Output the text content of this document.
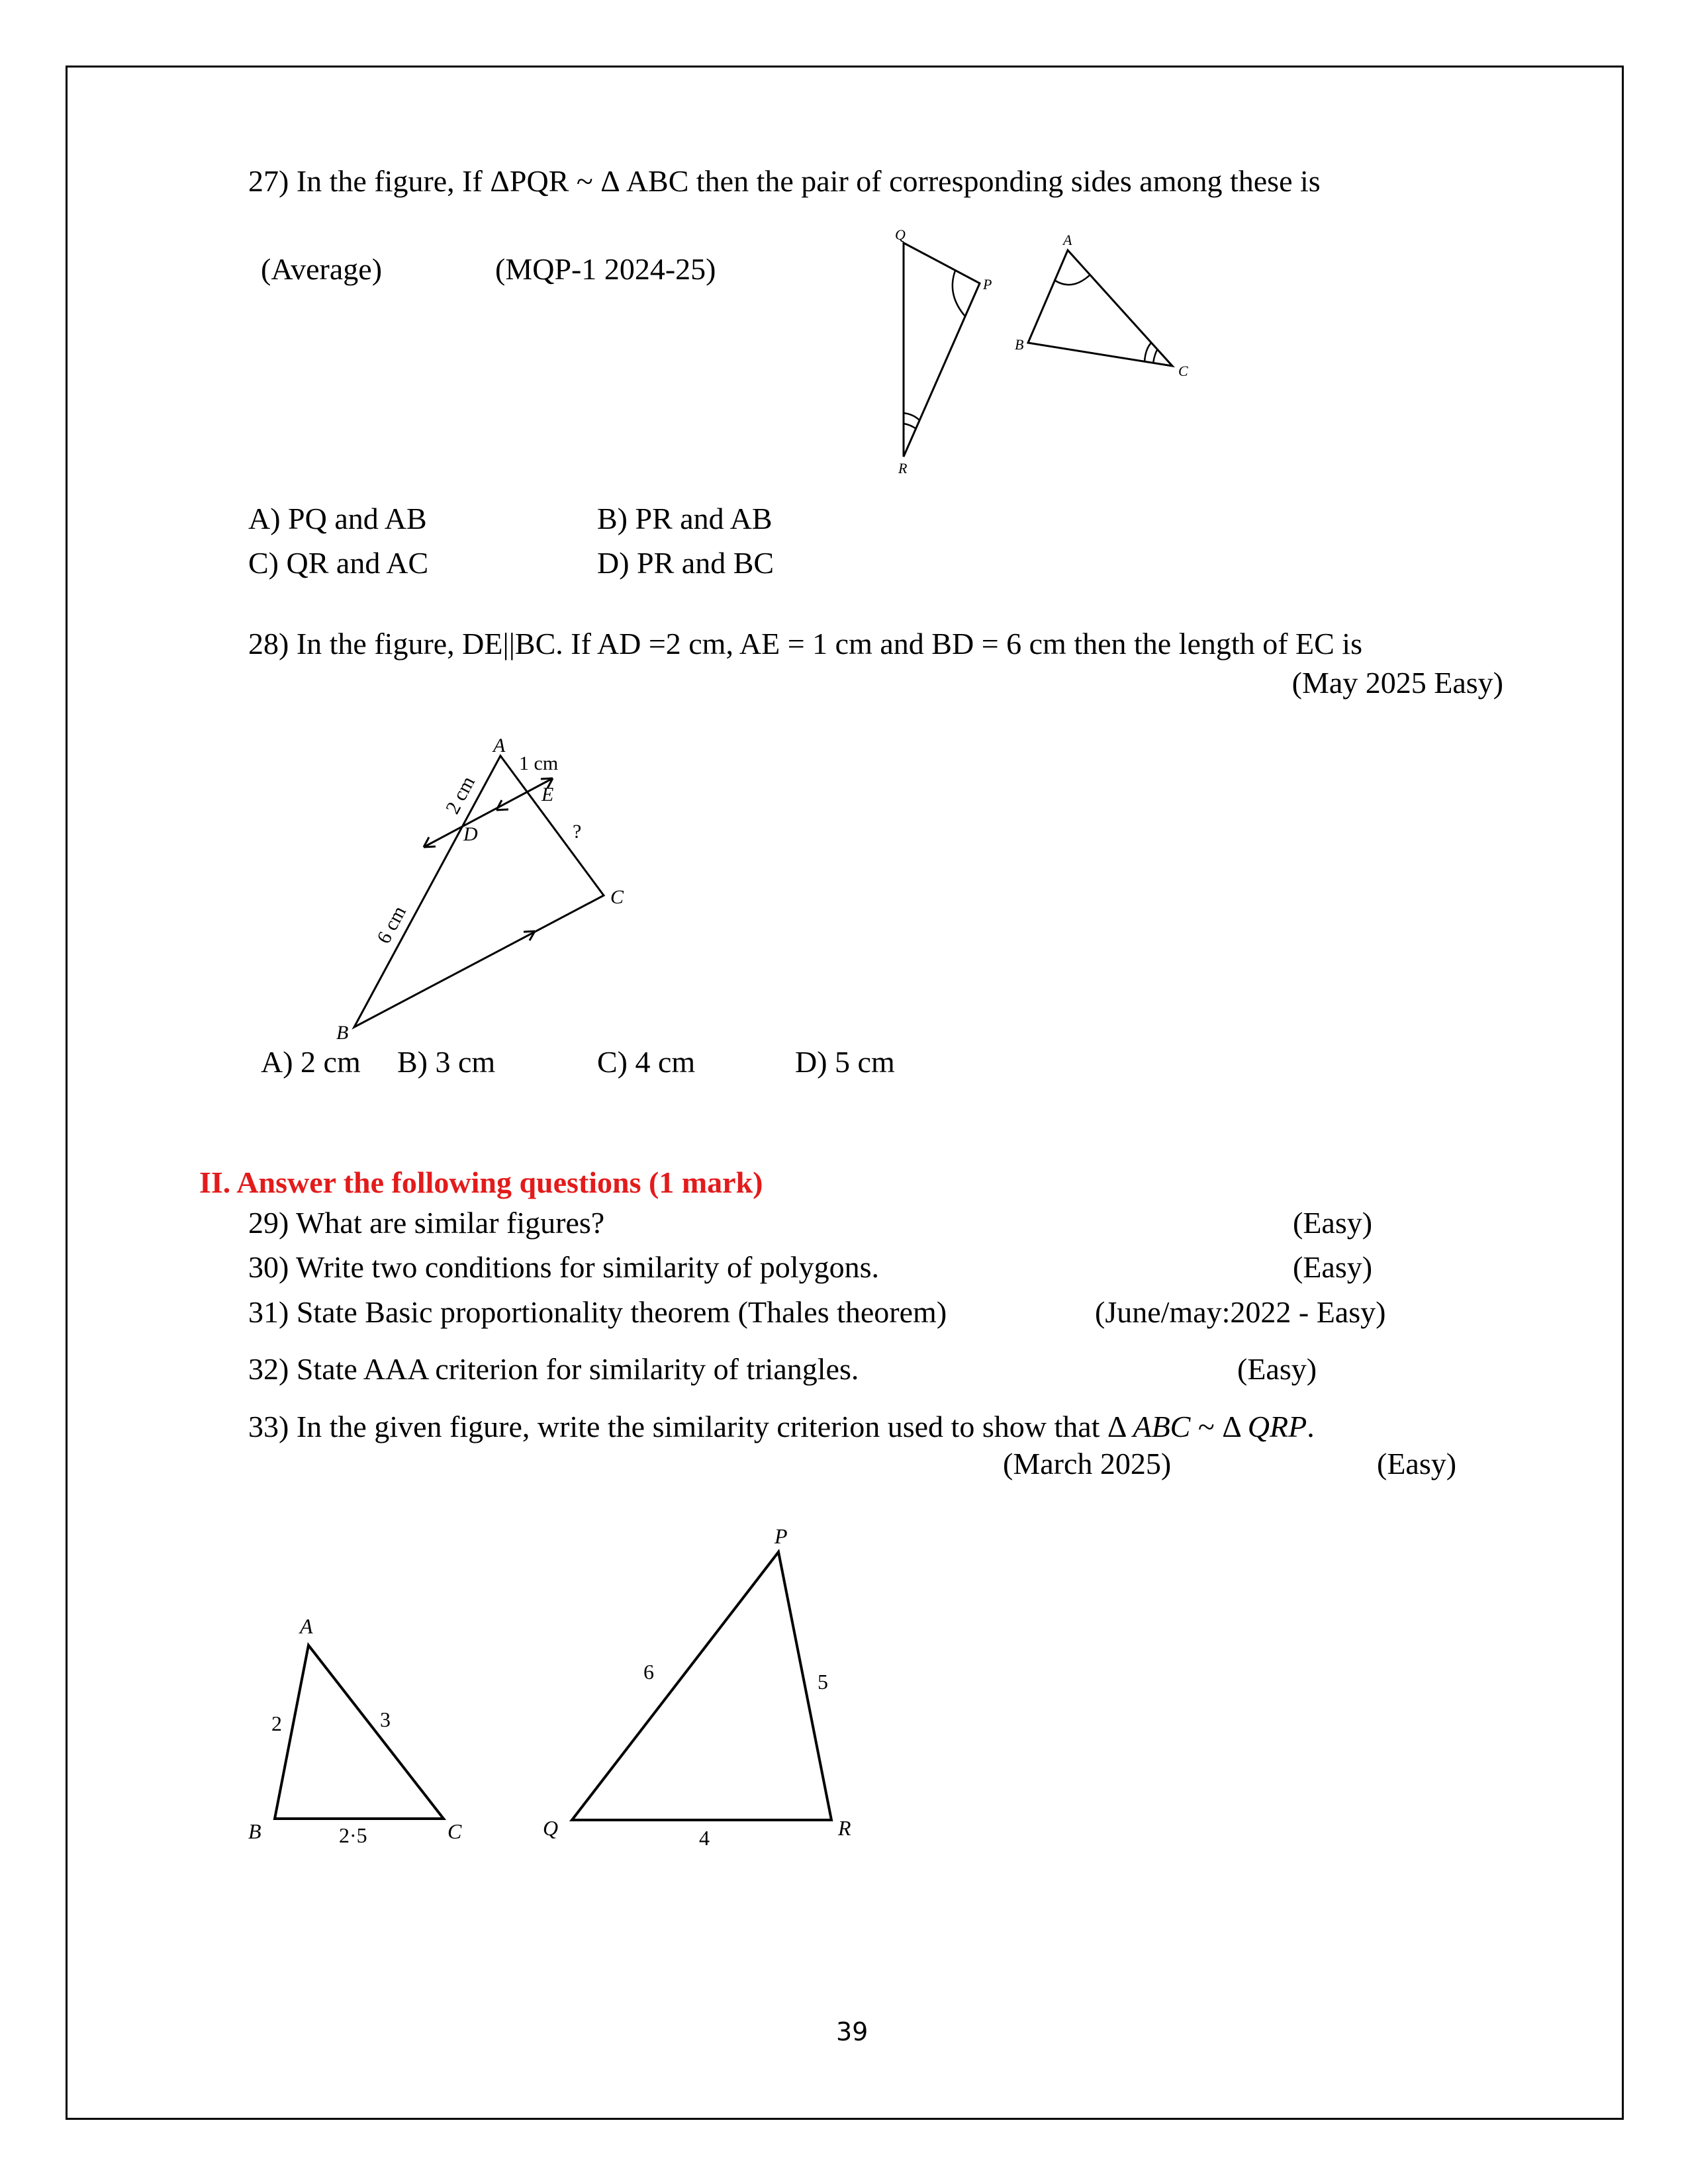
27) In the figure, If ΔPQR ~ Δ ABC then the pair of corresponding sides among these is
(Average)	(MQP-1 2024-25)
A) PQ and AB	B) PR and AB
C) QR and AC	D) PR and BC
28) In the figure, DE||BC. If AD =2 cm, AE = 1 cm and BD = 6 cm then the length of EC is
(May 2025 Easy)
A) 2 cm B) 3 cm	C) 4 cm	D) 5 cm
II. Answer the following questions (1 mark)
29) What are similar figures?	(Easy)
30) Write two conditions for similarity of polygons.	(Easy)
31) State Basic proportionality theorem (Thales theorem)	(June/may:2022 - Easy)
32) State AAA criterion for similarity of triangles.	(Easy)
33) In the given figure, write the similarity criterion used to show that Δ ABC ~ Δ QRP.
(March 2025)	(Easy)
Q
P
R
A
B
C
A
B
C
D
E
1 cm
?
2 cm
6 cm
A
B	C
P
Q	R
2	3
2·5
6	5
4
39
